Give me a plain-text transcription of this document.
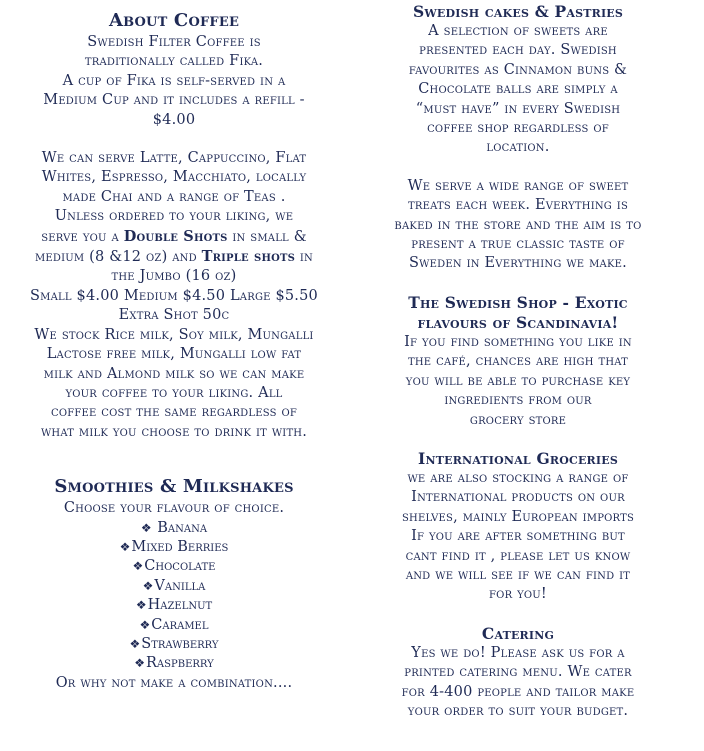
About Coffee
Swedish Filter Coffee is
traditionally called Fika.
A cup of Fika is self-served in a
Medium Cup and it includes a refill -
$4.00
We can serve Latte, Cappuccino, Flat
Whites, Espresso, Macchiato, locally
made Chai and a range of Teas .
Unless ordered to your liking, we
serve you a Double Shots in small &
medium (8 &12 oz) and Triple shots in
the Jumbo (16 oz)
Small $4.00 Medium $4.50 Large $5.50
Extra Shot 50c
We stock Rice milk, Soy milk, Mungalli
Lactose free milk, Mungalli low fat
milk and Almond milk so we can make
your coffee to your liking. All
coffee cost the same regardless of
what milk you choose to drink it with.
Smoothies & Milkshakes
Choose your flavour of choice.
❖ Banana
❖Mixed Berries
❖Chocolate
❖Vanilla
❖Hazelnut
❖Caramel
❖Strawberry
❖Raspberry
Or why not make a combination....
Swedish cakes & Pastries
A selection of sweets are
presented each day. Swedish
favourites as Cinnamon buns &
Chocolate balls are simply a
“must have” in every Swedish
coffee shop regardless of
location.
We serve a wide range of sweet
treats each week. Everything is
baked in the store and the aim is to
present a true classic taste of
Sweden in Everything we make.
The Swedish Shop - Exotic
flavours of Scandinavia!
If you find something you like in
the café, chances are high that
you will be able to purchase key
ingredients from our
grocery store
International Groceries
we are also stocking a range of
International products on our
shelves, mainly European imports
If you are after something but
cant find it , please let us know
and we will see if we can find it
for you!
Catering
Yes we do! Please ask us for a
printed catering menu. We cater
for 4-400 people and tailor make
your order to suit your budget.
